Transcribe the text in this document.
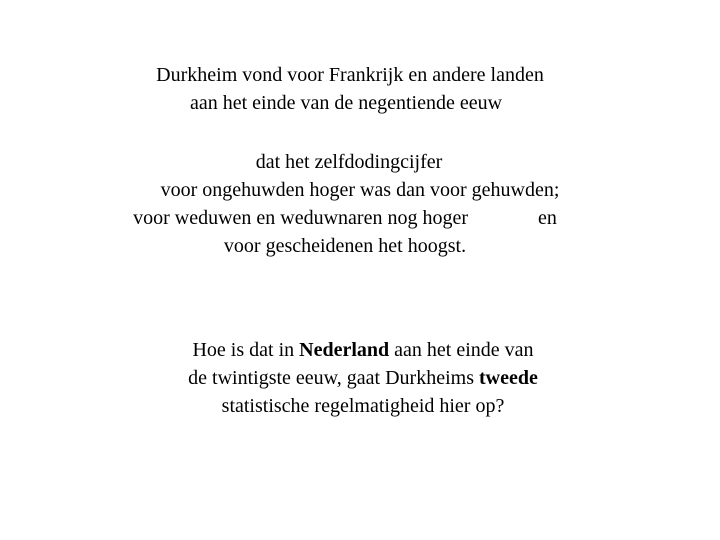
Durkheim vond voor Frankrijk en andere landen
aan het einde van de negentiende eeuw
dat het zelfdodingcijfer
voor ongehuwden hoger was dan voor gehuwden;
voor weduwen en weduwnaren nog hoger	en
voor gescheidenen het hoogst.
Hoe is dat in Nederland aan het einde van
de twintigste eeuw, gaat Durkheims tweede
statistische regelmatigheid hier op?
